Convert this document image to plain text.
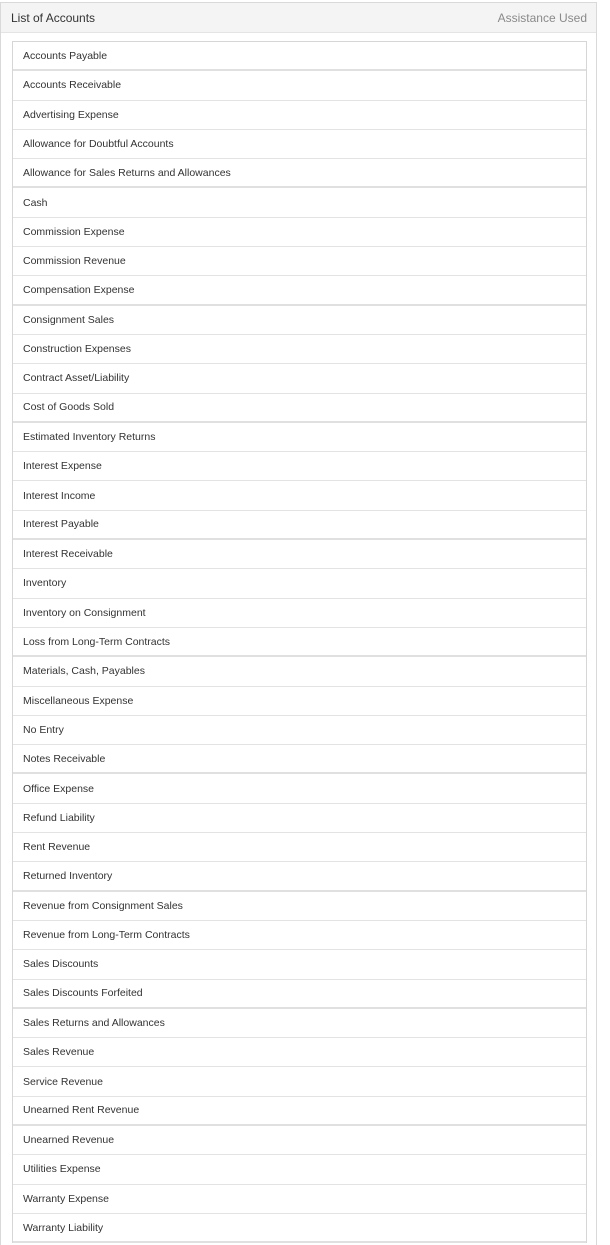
List of Accounts	Assistance Used
Accounts Payable
Accounts Receivable
Advertising Expense
Allowance for Doubtful Accounts
Allowance for Sales Returns and Allowances
Cash
Commission Expense
Commission Revenue
Compensation Expense
Consignment Sales
Construction Expenses
Contract Asset/Liability
Cost of Goods Sold
Estimated Inventory Returns
Interest Expense
Interest Income
Interest Payable
Interest Receivable
Inventory
Inventory on Consignment
Loss from Long-Term Contracts
Materials, Cash, Payables
Miscellaneous Expense
No Entry
Notes Receivable
Office Expense
Refund Liability
Rent Revenue
Returned Inventory
Revenue from Consignment Sales
Revenue from Long-Term Contracts
Sales Discounts
Sales Discounts Forfeited
Sales Returns and Allowances
Sales Revenue
Service Revenue
Unearned Rent Revenue
Unearned Revenue
Utilities Expense
Warranty Expense
Warranty Liability
